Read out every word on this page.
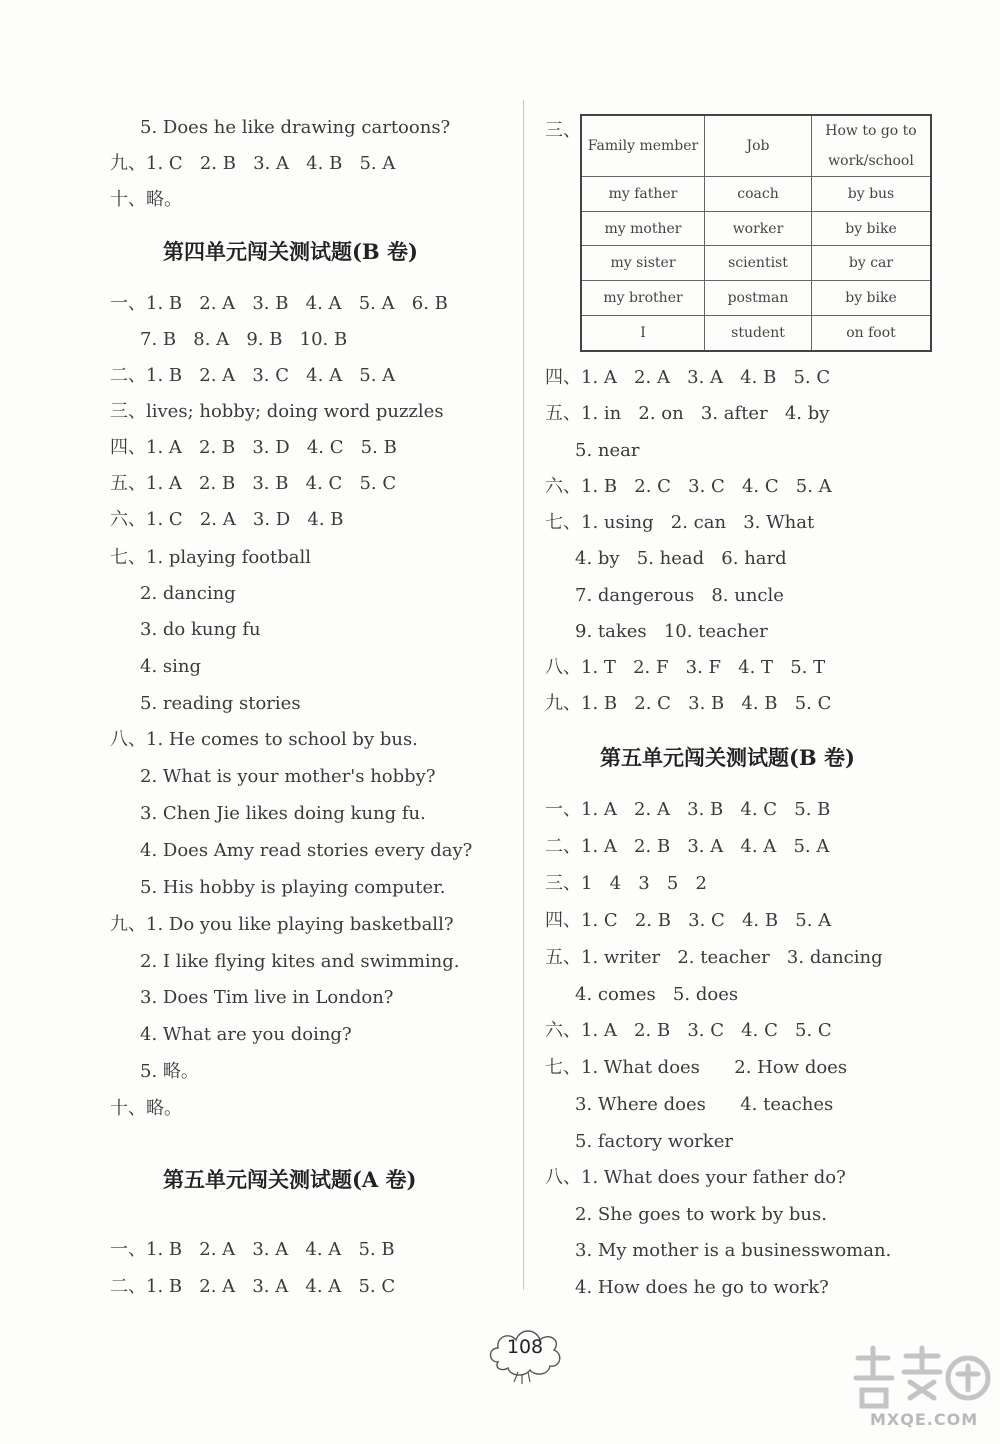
5. Does he like drawing cartoons?
九、1. C   2. B   3. A   4. B   5. A
十、略。
第四单元闯关测试题(B 卷)
一、1. B   2. A   3. B   4. A   5. A   6. B
7. B   8. A   9. B   10. B
二、1. B   2. A   3. C   4. A   5. A
三、lives; hobby; doing word puzzles
四、1. A   2. B   3. D   4. C   5. B
五、1. A   2. B   3. B   4. C   5. C
六、1. C   2. A   3. D   4. B
七、1. playing football
2. dancing
3. do kung fu
4. sing
5. reading stories
八、1. He comes to school by bus.
2. What is your mother's hobby?
3. Chen Jie likes doing kung fu.
4. Does Amy read stories every day?
5. His hobby is playing computer.
九、1. Do you like playing basketball?
2. I like flying kites and swimming.
3. Does Tim live in London?
4. What are you doing?
5. 略。
十、略。
第五单元闯关测试题(A 卷)
一、1. B   2. A   3. A   4. A   5. B
二、1. B   2. A   3. A   4. A   5. C
三、
Family member	Job	How to go to work/school
my father	coach	by bus
my mother	worker	by bike
my sister	scientist	by car
my brother	postman	by bike
I	student	on foot
四、1. A   2. A   3. A   4. B   5. C
五、1. in   2. on   3. after   4. by
5. near
六、1. B   2. C   3. C   4. C   5. A
七、1. using   2. can   3. What
4. by   5. head   6. hard
7. dangerous   8. uncle
9. takes   10. teacher
八、1. T   2. F   3. F   4. T   5. T
九、1. B   2. C   3. B   4. B   5. C
第五单元闯关测试题(B 卷)
一、1. A   2. A   3. B   4. C   5. B
二、1. A   2. B   3. A   4. A   5. A
三、1   4   3   5   2
四、1. C   2. B   3. C   4. B   5. A
五、1. writer   2. teacher   3. dancing
4. comes   5. does
六、1. A   2. B   3. C   4. C   5. C
七、1. What does      2. How does
3. Where does      4. teaches
5. factory worker
八、1. What does your father do?
2. She goes to work by bus.
3. My mother is a businesswoman.
4. How does he go to work?
108
MXQE.COM
